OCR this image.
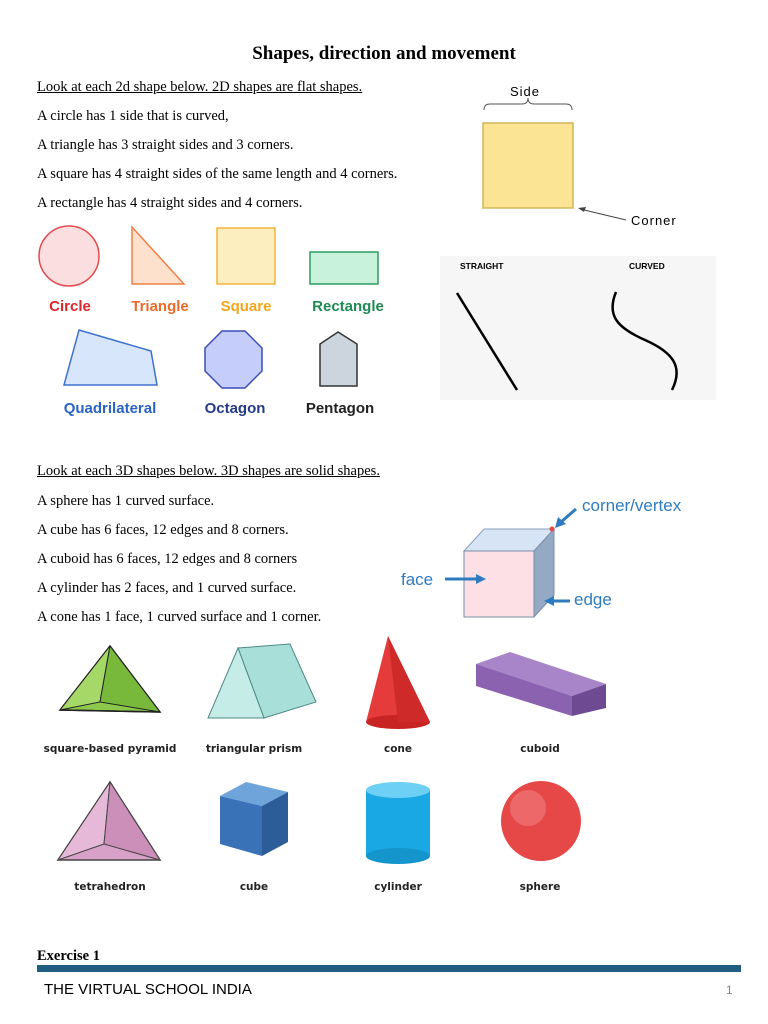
Shapes, direction and movement
Look at each 2d shape below. 2D shapes are flat shapes.
A circle has 1 side that is curved,
A triangle has 3 straight sides and 3 corners.
A square has 4 straight sides of the same length and 4 corners.
A rectangle has 4 straight sides and 4 corners.
Side
Corner
Circle	Triangle	Square	Rectangle
Quadrilateral	Octagon	Pentagon
STRAIGHT	CURVED
Look at each 3D shapes below. 3D shapes are solid shapes.
A sphere has 1 curved surface.
A cube has 6 faces, 12 edges and 8 corners.
A cuboid has 6 faces, 12 edges and 8 corners
A cylinder has 2 faces, and 1 curved surface.
A cone has 1 face, 1 curved surface and 1 corner.
corner/vertex
face
edge
square-based pyramid	triangular prism	cone	cuboid
tetrahedron	cube	cylinder	sphere
Exercise 1
THE VIRTUAL SCHOOL INDIA	1
